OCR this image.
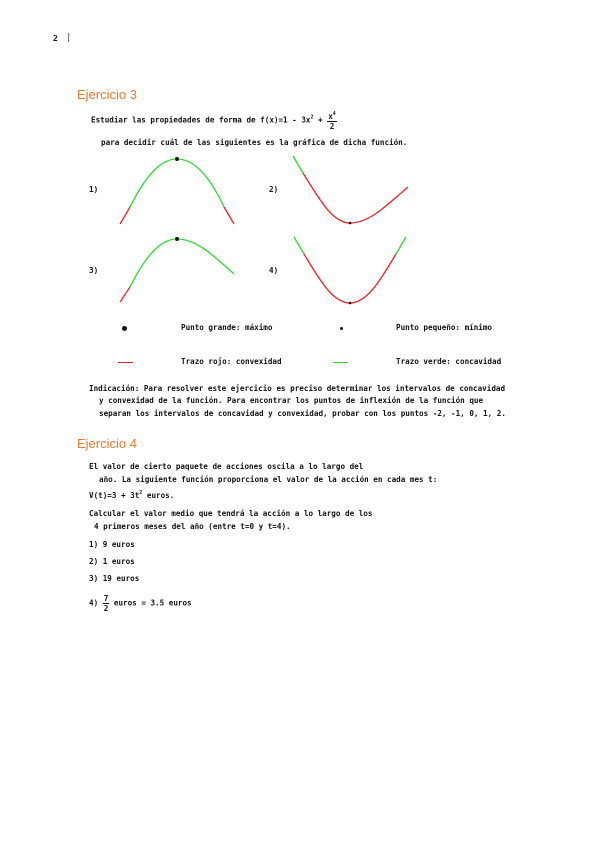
2 |
Ejercicio 3
Estudiar las propiedades de forma de $f(x)=1 - 3x^2 + \frac{x^4}{2}$
para decidir cuál de las siguientes es la gráfica de dicha función.
1)	2)
3)	4)
Punto grande: máximo	Punto pequeño: mínimo
Trazo rojo: convexidad	Trazo verde: concavidad
Indicación: Para resolver este ejercicio es preciso determinar los intervalos de concavidad
y convexidad de la función. Para encontrar los puntos de inflexión de la función que
separan los intervalos de concavidad y convexidad, probar con los puntos -2, -1, 0, 1, 2.
Ejercicio 4
El valor de cierto paquete de acciones oscila a lo largo del
año. La siguiente función proporciona el valor de la acción en cada mes t:
$V(t)=3 + 3t^2$ euros.
Calcular el valor medio que tendrá la acción a lo largo de los
4 primeros meses del año (entre t=0 y t=4).
1) 9 euros
2) 1 euros
3) 19 euros
$4) \frac{7}{2}$ euros = 3.5 euros
